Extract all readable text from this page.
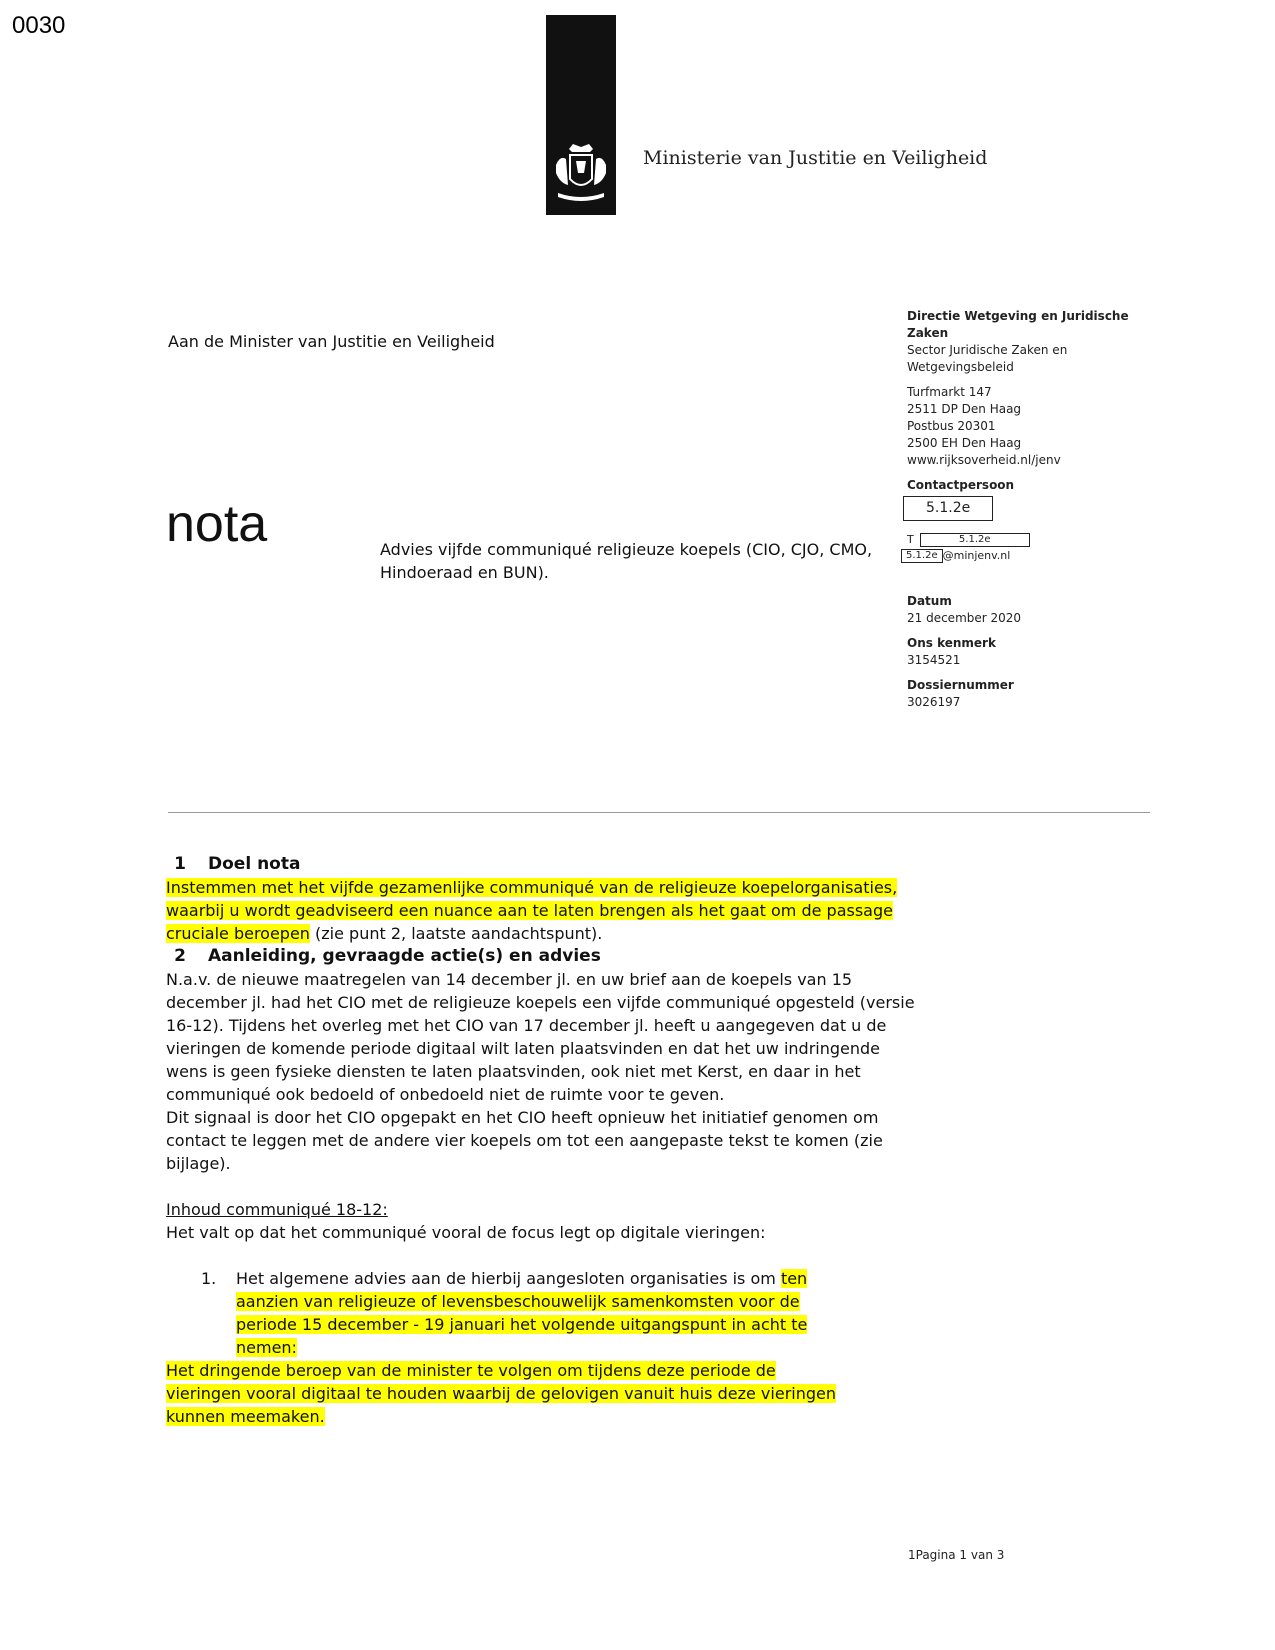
0030
Ministerie van Justitie en Veiligheid
Aan de Minister van Justitie en Veiligheid
nota	Advies vijfde communiqué religieuze koepels (CIO, CJO, CMO, Hindoeraad en BUN).
Directie Wetgeving en Juridische Zaken
Sector Juridische Zaken en Wetgevingsbeleid
Turfmarkt 147
2511 DP Den Haag
Postbus 20301
2500 EH Den Haag
www.rijksoverheid.nl/jenv
Contactpersoon
5.1.2e
T	5.1.2e
5.1.2e @minjenv.nl
Datum
21 december 2020
Ons kenmerk
3154521
Dossiernummer
3026197
1 Doel nota

Instemmen met het vijfde gezamenlijke communiqué van de religieuze koepelorganisaties, waarbij u wordt geadviseerd een nuance aan te laten brengen als het gaat om de passage cruciale beroepen (zie punt 2, laatste aandachtspunt).

2 Aanleiding, gevraagde actie(s) en advies

N.a.v. de nieuwe maatregelen van 14 december jl. en uw brief aan de koepels van 15 december jl. had het CIO met de religieuze koepels een vijfde communiqué opgesteld (versie 16-12). Tijdens het overleg met het CIO van 17 december jl. heeft u aangegeven dat u de vieringen de komende periode digitaal wilt laten plaatsvinden en dat het uw indringende wens is geen fysieke diensten te laten plaatsvinden, ook niet met Kerst, en daar in het communiqué ook bedoeld of onbedoeld niet de ruimte voor te geven.

Dit signaal is door het CIO opgepakt en het CIO heeft opnieuw het initiatief genomen om contact te leggen met de andere vier koepels om tot een aangepaste tekst te komen (zie bijlage).

Inhoud communiqué 18-12:

Het valt op dat het communiqué vooral de focus legt op digitale vieringen:

1.	Het algemene advies aan de hierbij aangesloten organisaties is om ten aanzien van religieuze of levensbeschouwelijk samenkomsten voor de periode 15 december - 19 januari het volgende uitgangspunt in acht te nemen:

Het dringende beroep van de minister te volgen om tijdens deze periode de vieringen vooral digitaal te houden waarbij de gelovigen vanuit huis deze vieringen kunnen meemaken.

1Pagina 1 van 3
